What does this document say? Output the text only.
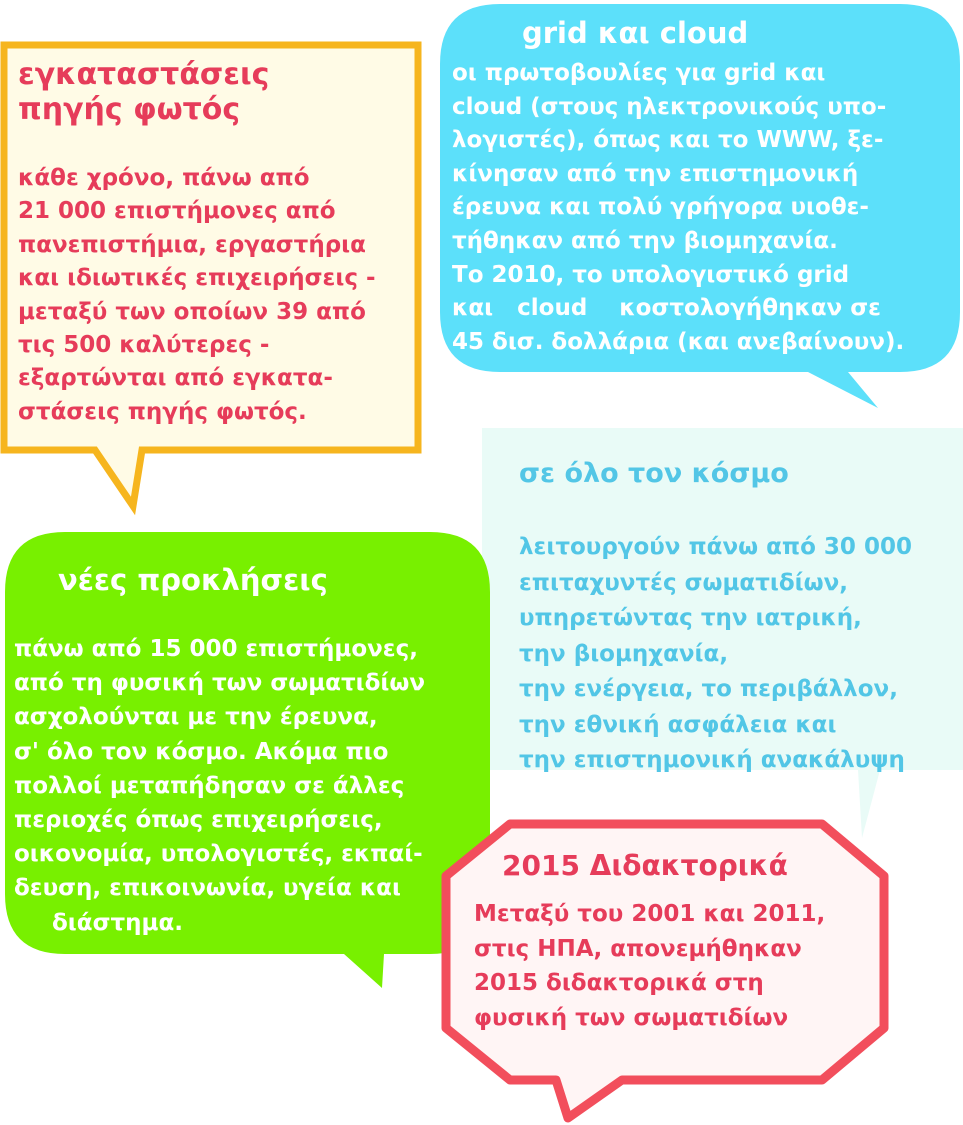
εγκαταστάσεις
πηγής φωτός
κάθε χρόνο, πάνω από
21 000 επιστήμονες από
πανεπιστήμια, εργαστήρια
και ιδιωτικές επιχειρήσεις -
μεταξύ των οποίων 39 από
τις 500 καλύτερες -
εξαρτώνται από εγκατα-
στάσεις πηγής φωτός.
grid και cloud
οι πρωτοβουλίες για grid και
cloud (στους ηλεκτρονικούς υπο-
λογιστές), όπως και το WWW, ξε-
κίνησαν από την επιστημονική
έρευνα και πολύ γρήγορα υιοθε-
τήθηκαν από την βιομηχανία.
Το 2010, το υπολογιστικό grid
και   cloud    κοστολογήθηκαν σε
45 δισ. δολλάρια (και ανεβαίνουν).
σε όλο τον κόσμο
λειτουργούν πάνω από 30 000
επιταχυντές σωματιδίων,
υπηρετώντας την ιατρική,
την βιομηχανία,
την ενέργεια, το περιβάλλον,
την εθνική ασφάλεια και
την επιστημονική ανακάλυψη
νέες προκλήσεις
πάνω από 15 000 επιστήμονες,
από τη φυσική των σωματιδίων
ασχολούνται με την έρευνα,
σ' όλο τον κόσμο. Ακόμα πιο
πολλοί μεταπήδησαν σε άλλες
περιοχές όπως επιχειρήσεις,
οικονομία, υπολογιστές, εκπαί-
δευση, επικοινωνία, υγεία και
διάστημα.
2015 Διδακτορικά
Μεταξύ του 2001 και 2011,
στις ΗΠΑ, απονεμήθηκαν
2015 διδακτορικά στη
φυσική των σωματιδίων
